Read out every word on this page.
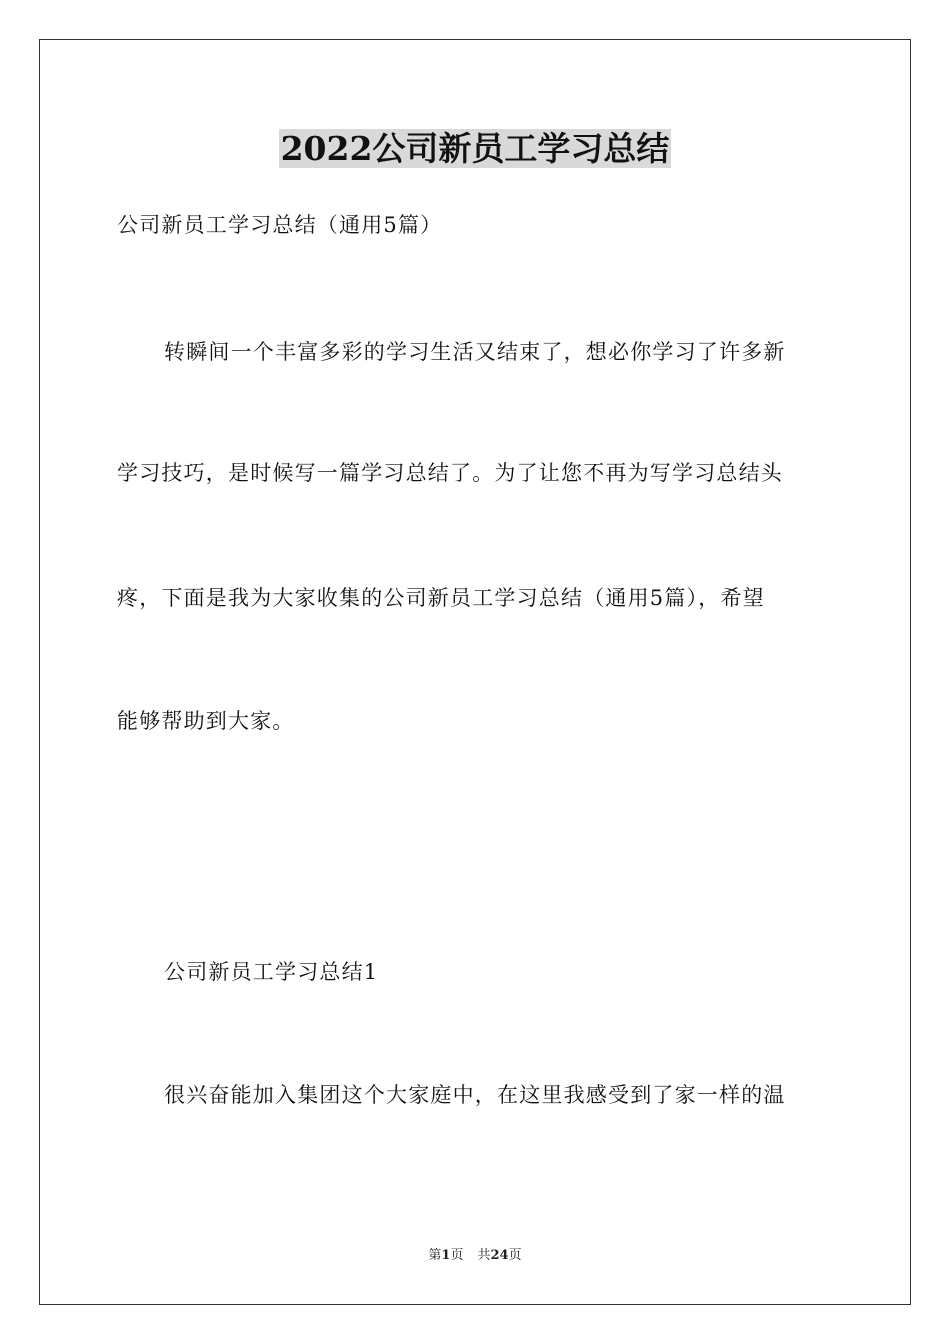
2022公司新员工学习总结
公司新员工学习总结（通用5篇）
转瞬间一个丰富多彩的学习生活又结束了，想必你学习了许多新
学习技巧，是时候写一篇学习总结了。为了让您不再为写学习总结头
疼，下面是我为大家收集的公司新员工学习总结（通用5篇），希望
能够帮助到大家。
公司新员工学习总结1
很兴奋能加入集团这个大家庭中，在这里我感受到了家一样的温
第1页 共24页
